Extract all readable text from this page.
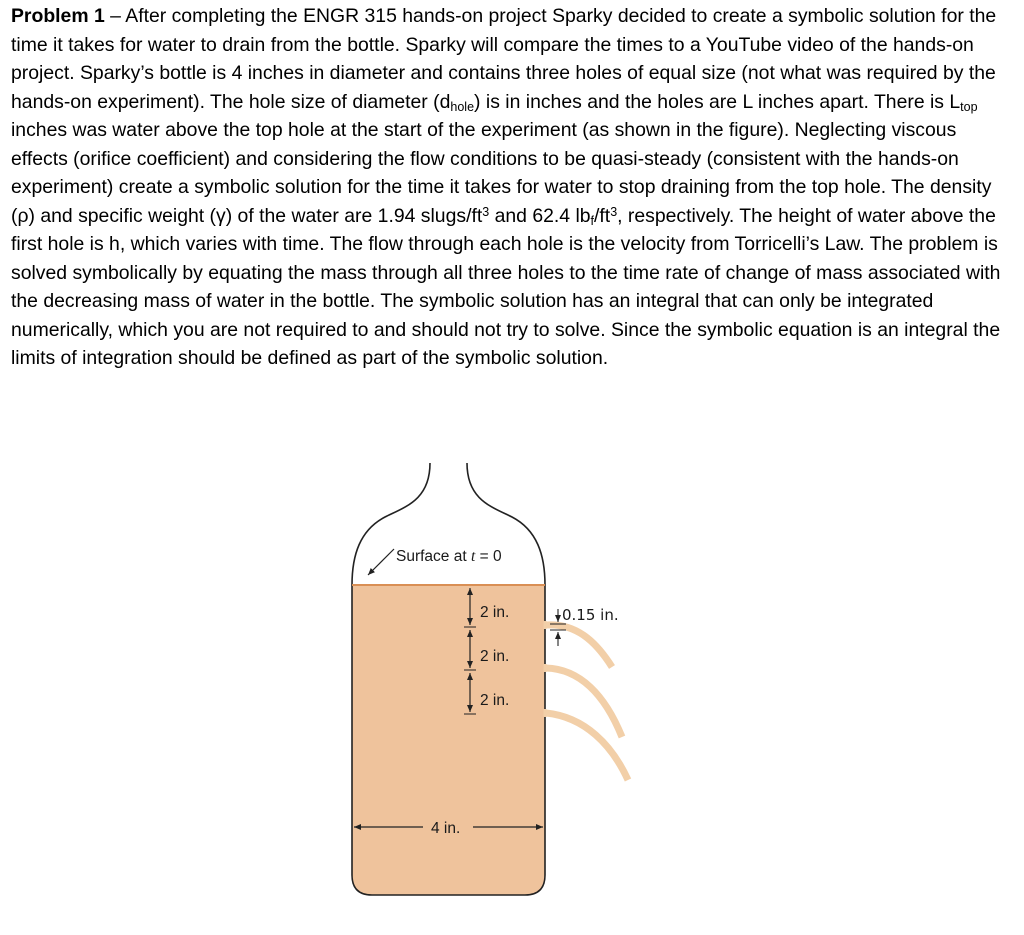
Problem 1 – After completing the ENGR 315 hands-on project Sparky decided to create a symbolic solution for the time it takes for water to drain from the bottle. Sparky will compare the times to a YouTube video of the hands-on project. Sparky’s bottle is 4 inches in diameter and contains three holes of equal size (not what was required by the hands-on experiment). The hole size of diameter $(d_{hole})$ is in inches and the holes are L inches apart. There is $L_{top}$ inches was water above the top hole at the start of the experiment (as shown in the figure). Neglecting viscous effects (orifice coefficient) and considering the flow conditions to be quasi-steady (consistent with the hands-on experiment) create a symbolic solution for the time it takes for water to stop draining from the top hole. The density (ρ) and specific weight (γ) of the water are 1.94 slugs/$ft^3$ and 62.4 $lb_f/ft^3$, respectively. The height of water above the first hole is h, which varies with time. The flow through each hole is the velocity from Torricelli’s Law. The problem is solved symbolically by equating the mass through all three holes to the time rate of change of mass associated with the decreasing mass of water in the bottle. The symbolic solution has an integral that can only be integrated numerically, which you are not required to and should not try to solve. Since the symbolic equation is an integral the limits of integration should be defined as part of the symbolic solution.

Surface at t = 0
2 in.
2 in.
2 in.
0.15 in.
4 in.
